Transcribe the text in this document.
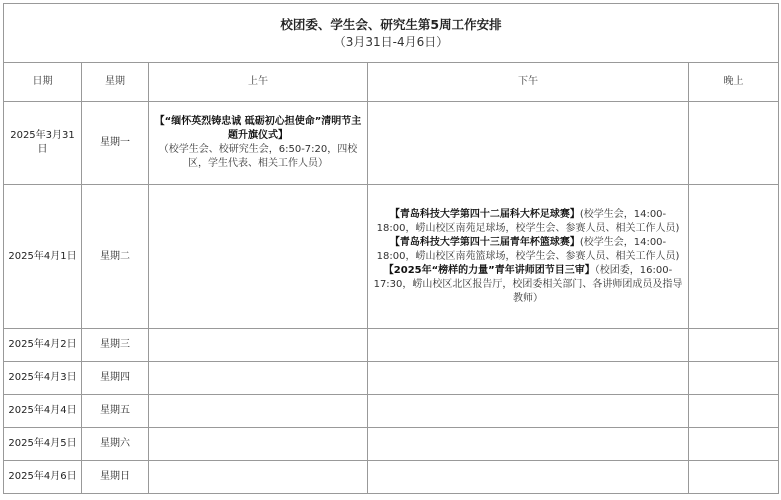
校团委、学生会、研究生第5周工作安排
（3月31日-4月6日）				

日期	星期	上午	下午	晚上
2025年3月31日	星期一	【“缅怀英烈铸忠诚 砥砺初心担使命”清明节主题升旗仪式】
（校学生会、校研究生会，6:50-7:20，四校区，学生代表、相关工作人员）		
2025年4月1日	星期二		【青岛科技大学第四十二届科大杯足球赛】(校学生会，14:00-18:00，崂山校区南苑足球场，校学生会、参赛人员、相关工作人员)
【青岛科技大学第四十三届青年杯篮球赛】(校学生会，14:00-18:00，崂山校区南苑篮球场，校学生会、参赛人员、相关工作人员)
【2025年“榜样的力量”青年讲师团节目三审】（校团委，16:00-17:30，崂山校区北区报告厅，校团委相关部门、各讲师团成员及指导教师）	
2025年4月2日	星期三			
2025年4月3日	星期四			
2025年4月4日	星期五			
2025年4月5日	星期六			
2025年4月6日	星期日			
